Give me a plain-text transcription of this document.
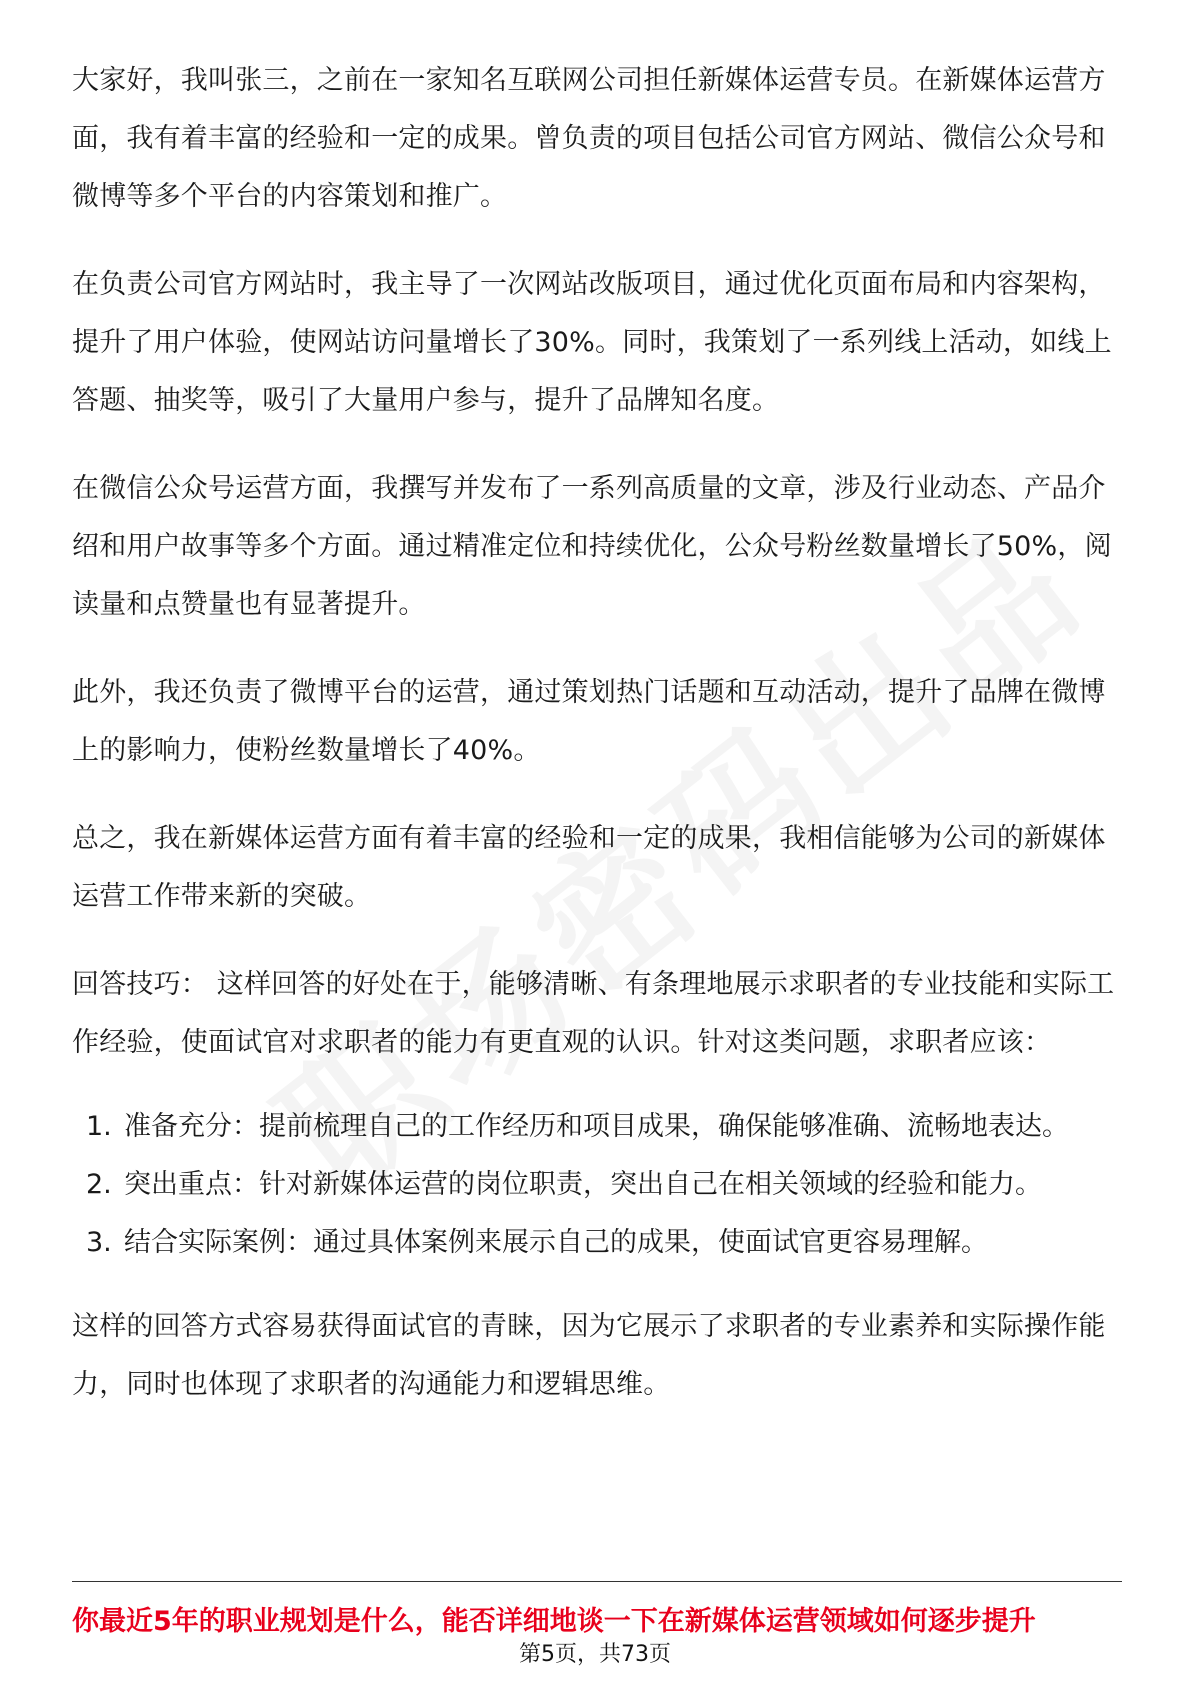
大家好，我叫张三，之前在一家知名互联网公司担任新媒体运营专员。在新媒体运营方面，我有着丰富的经验和一定的成果。曾负责的项目包括公司官方网站、微信公众号和微博等多个平台的内容策划和推广。

在负责公司官方网站时，我主导了一次网站改版项目，通过优化页面布局和内容架构，提升了用户体验，使网站访问量增长了30%。同时，我策划了一系列线上活动，如线上答题、抽奖等，吸引了大量用户参与，提升了品牌知名度。

在微信公众号运营方面，我撰写并发布了一系列高质量的文章，涉及行业动态、产品介绍和用户故事等多个方面。通过精准定位和持续优化，公众号粉丝数量增长了50%，阅读量和点赞量也有显著提升。

此外，我还负责了微博平台的运营，通过策划热门话题和互动活动，提升了品牌在微博上的影响力，使粉丝数量增长了40%。

总之，我在新媒体运营方面有着丰富的经验和一定的成果，我相信能够为公司的新媒体运营工作带来新的突破。

回答技巧： 这样回答的好处在于，能够清晰、有条理地展示求职者的专业技能和实际工作经验，使面试官对求职者的能力有更直观的认识。针对这类问题，求职者应该：

1. 准备充分：提前梳理自己的工作经历和项目成果，确保能够准确、流畅地表达。
2. 突出重点：针对新媒体运营的岗位职责，突出自己在相关领域的经验和能力。
3. 结合实际案例：通过具体案例来展示自己的成果，使面试官更容易理解。

这样的回答方式容易获得面试官的青睐，因为它展示了求职者的专业素养和实际操作能力，同时也体现了求职者的沟通能力和逻辑思维。

你最近5年的职业规划是什么，能否详细地谈一下在新媒体运营领域如何逐步提升
第5页，共73页
